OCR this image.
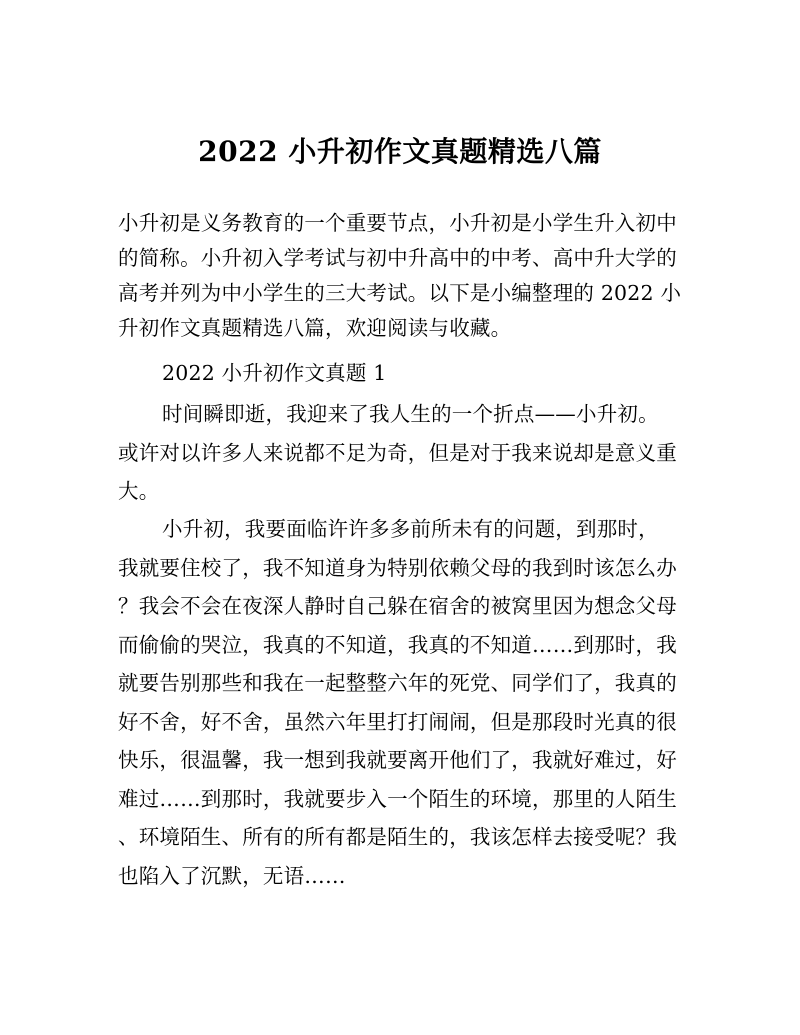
2022 小升初作文真题精选八篇
小升初是义务教育的一个重要节点，小升初是小学生升入初中
的简称。小升初入学考试与初中升高中的中考、高中升大学的
高考并列为中小学生的三大考试。以下是小编整理的 2022 小
升初作文真题精选八篇，欢迎阅读与收藏。
2022 小升初作文真题 1
时间瞬即逝，我迎来了我人生的一个折点——小升初。
或许对以许多人来说都不足为奇，但是对于我来说却是意义重
大。
小升初，我要面临许许多多前所未有的问题，到那时，
我就要住校了，我不知道身为特别依赖父母的我到时该怎么办
？我会不会在夜深人静时自己躲在宿舍的被窝里因为想念父母
而偷偷的哭泣，我真的不知道，我真的不知道……到那时，我
就要告别那些和我在一起整整六年的死党、同学们了，我真的
好不舍，好不舍，虽然六年里打打闹闹，但是那段时光真的很
快乐，很温馨，我一想到我就要离开他们了，我就好难过，好
难过……到那时，我就要步入一个陌生的环境，那里的人陌生
、环境陌生、所有的所有都是陌生的，我该怎样去接受呢？我
也陷入了沉默，无语……
